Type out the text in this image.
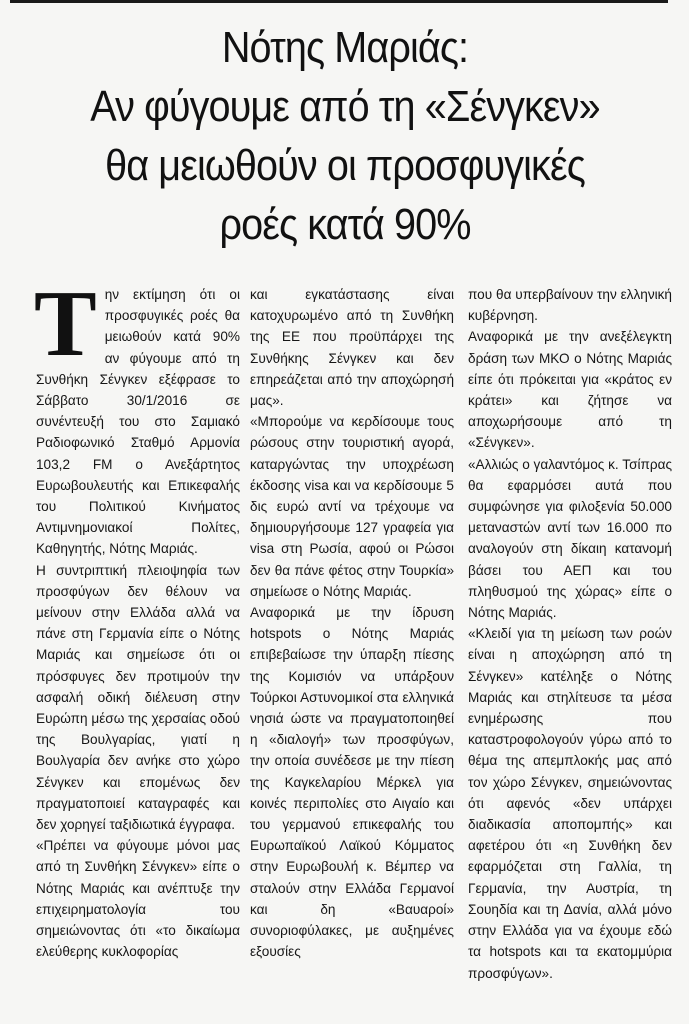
Νότης Μαριάς:
Αν φύγουμε από τη «Σένγκεν»
θα μειωθούν οι προσφυγικές
ροές κατά 90%
Τ ην εκτίμηση ότι οι προσφυγικές ροές θα μειωθούν κατά 90% αν φύγουμε από τη Συνθήκη Σένγκεν εξέφρασε το Σάββατο 30/1/2016 σε συνέντευξή του στο Σαμιακό Ραδιοφωνικό Σταθμό Αρμονία 103,2 FM ο Ανεξάρτητος Ευρωβουλευτής και Επικεφαλής του Πολιτικού Κινήματος Αντιμνημονιακοί Πολίτες, Καθηγητής, Νότης Μαριάς.

Η συντριπτική πλειοψηφία των προσφύγων δεν θέλουν να μείνουν στην Ελλάδα αλλά να πάνε στη Γερμανία είπε ο Νότης Μαριάς και σημείωσε ότι οι πρόσφυγες δεν προτιμούν την ασφαλή οδική διέλευση στην Ευρώπη μέσω της χερσαίας οδού της Βουλγαρίας, γιατί η Βουλγαρία δεν ανήκε στο χώρο Σένγκεν και επομένως δεν πραγματοποιεί καταγραφές και δεν χορηγεί ταξιδιωτικά έγγραφα.

«Πρέπει να φύγουμε μόνοι μας από τη Συνθήκη Σένγκεν» είπε ο Νότης Μαριάς και ανέπτυξε την επιχειρηματολογία του σημειώνοντας ότι «το δικαίωμα ελεύθερης κυκλοφορίας

και εγκατάστασης είναι κατοχυρωμένο από τη Συνθήκη της ΕΕ που προϋπάρχει της Συνθήκης Σένγκεν και δεν επηρεάζεται από την αποχώρησή μας».

«Μπορούμε να κερδίσουμε τους ρώσους στην τουριστική αγορά, καταργώντας την υποχρέωση έκδοσης visa και να κερδίσουμε 5 δις ευρώ αντί να τρέχουμε να δημιουργήσουμε 127 γραφεία για visa στη Ρωσία, αφού οι Ρώσοι δεν θα πάνε φέτος στην Τουρκία» σημείωσε ο Νότης Μαριάς.

Αναφορικά με την ίδρυση hotspots ο Νότης Μαριάς επιβεβαίωσε την ύπαρξη πίεσης της Κομισιόν να υπάρξουν Τούρκοι Αστυνομικοί στα ελληνικά νησιά ώστε να πραγματοποιηθεί η «διαλογή» των προσφύγων, την οποία συνέδεσε με την πίεση της Καγκελαρίου Μέρκελ για κοινές περιπολίες στο Αιγαίο και του γερμανού επικεφαλής του Ευρωπαϊκού Λαϊκού Κόμματος στην Ευρωβουλή κ. Βέμπερ να σταλούν στην Ελλάδα Γερμανοί και δη «Βαυαροί» συνοριοφύλακες, με αυξημένες εξουσίες

που θα υπερβαίνουν την ελληνική κυβέρνηση.

Αναφορικά με την ανεξέλεγκτη δράση των ΜΚΟ ο Νότης Μαριάς είπε ότι πρόκειται για «κράτος εν κράτει» και ζήτησε να αποχωρήσουμε από τη «Σένγκεν».

«Αλλιώς ο γαλαντόμος κ. Τσίπρας θα εφαρμόσει αυτά που συμφώνησε για φιλοξενία 50.000 μεταναστών αντί των 16.000 πο αναλογούν στη δίκαιη κατανομή βάσει του ΑΕΠ και του πληθυσμού της χώρας» είπε ο Νότης Μαριάς.

«Κλειδί για τη μείωση των ροών είναι η αποχώρηση από τη Σένγκεν» κατέληξε ο Νότης Μαριάς και στηλίτευσε τα μέσα ενημέρωσης που καταστροφολογούν γύρω από το θέμα της απεμπλοκής μας από τον χώρο Σένγκεν, σημειώνοντας ότι αφενός «δεν υπάρχει διαδικασία αποπομπής» και αφετέρου ότι «η Συνθήκη δεν εφαρμόζεται στη Γαλλία, τη Γερμανία, την Αυστρία, τη Σουηδία και τη Δανία, αλλά μόνο στην Ελλάδα για να έχουμε εδώ τα hotspots και τα εκατομμύρια προσφύγων».
